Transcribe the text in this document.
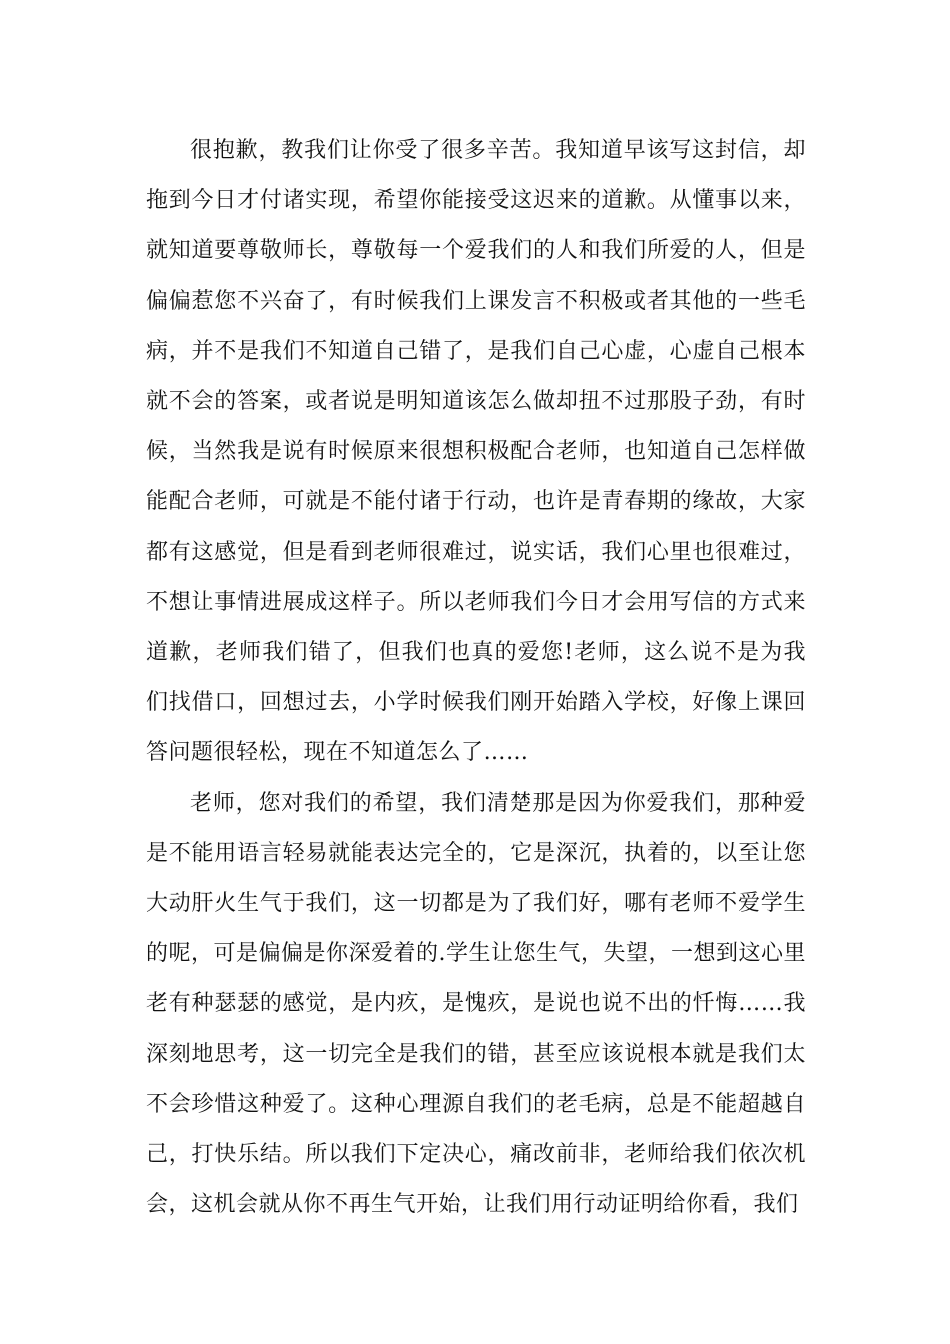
很抱歉，教我们让你受了很多辛苦。我知道早该写这封信，却拖到今日才付诸实现，希望你能接受这迟来的道歉。从懂事以来，就知道要尊敬师长，尊敬每一个爱我们的人和我们所爱的人，但是偏偏惹您不兴奋了，有时候我们上课发言不积极或者其他的一些毛病，并不是我们不知道自己错了，是我们自己心虚，心虚自己根本就不会的答案，或者说是明知道该怎么做却扭不过那股子劲，有时候，当然我是说有时候原来很想积极配合老师，也知道自己怎样做能配合老师，可就是不能付诸于行动，也许是青春期的缘故，大家都有这感觉，但是看到老师很难过，说实话，我们心里也很难过，不想让事情进展成这样子。所以老师我们今日才会用写信的方式来道歉，老师我们错了，但我们也真的爱您!老师，这么说不是为我们找借口，回想过去，小学时候我们刚开始踏入学校，好像上课回答问题很轻松，现在不知道怎么了……

老师，您对我们的希望，我们清楚那是因为你爱我们，那种爱是不能用语言轻易就能表达完全的，它是深沉，执着的，以至让您大动肝火生气于我们，这一切都是为了我们好，哪有老师不爱学生的呢，可是偏偏是你深爱着的.学生让您生气，失望，一想到这心里老有种瑟瑟的感觉，是内疚，是愧疚，是说也说不出的忏悔……我深刻地思考，这一切完全是我们的错，甚至应该说根本就是我们太不会珍惜这种爱了。这种心理源自我们的老毛病，总是不能超越自己，打快乐结。所以我们下定决心，痛改前非，老师给我们依次机会，这机会就从你不再生气开始，让我们用行动证明给你看，我们
